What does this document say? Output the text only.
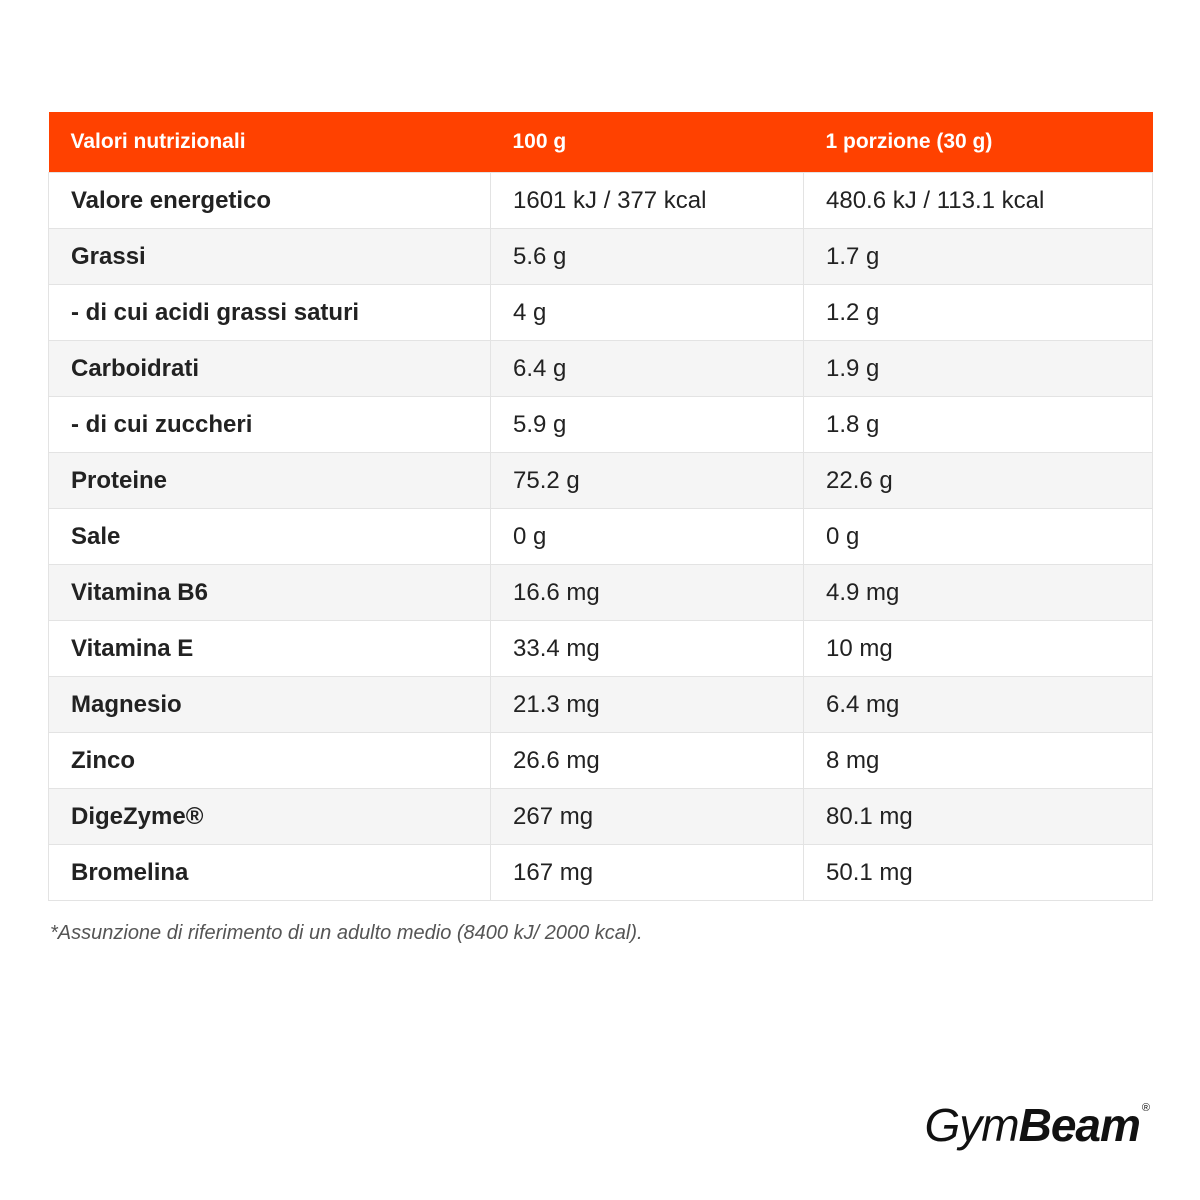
Valori nutrizionali	100 g	1 porzione (30 g)
Valore energetico	1601 kJ / 377 kcal	480.6 kJ / 113.1 kcal
Grassi	5.6 g	1.7 g
- di cui acidi grassi saturi	4 g	1.2 g
Carboidrati	6.4 g	1.9 g
- di cui zuccheri	5.9 g	1.8 g
Proteine	75.2 g	22.6 g
Sale	0 g	0 g
Vitamina B6	16.6 mg	4.9 mg
Vitamina E	33.4 mg	10 mg
Magnesio	21.3 mg	6.4 mg
Zinco	26.6 mg	8 mg
DigeZyme®	267 mg	80.1 mg
Bromelina	167 mg	50.1 mg
*Assunzione di riferimento di un adulto medio (8400 kJ/ 2000 kcal).
GymBeam ®
